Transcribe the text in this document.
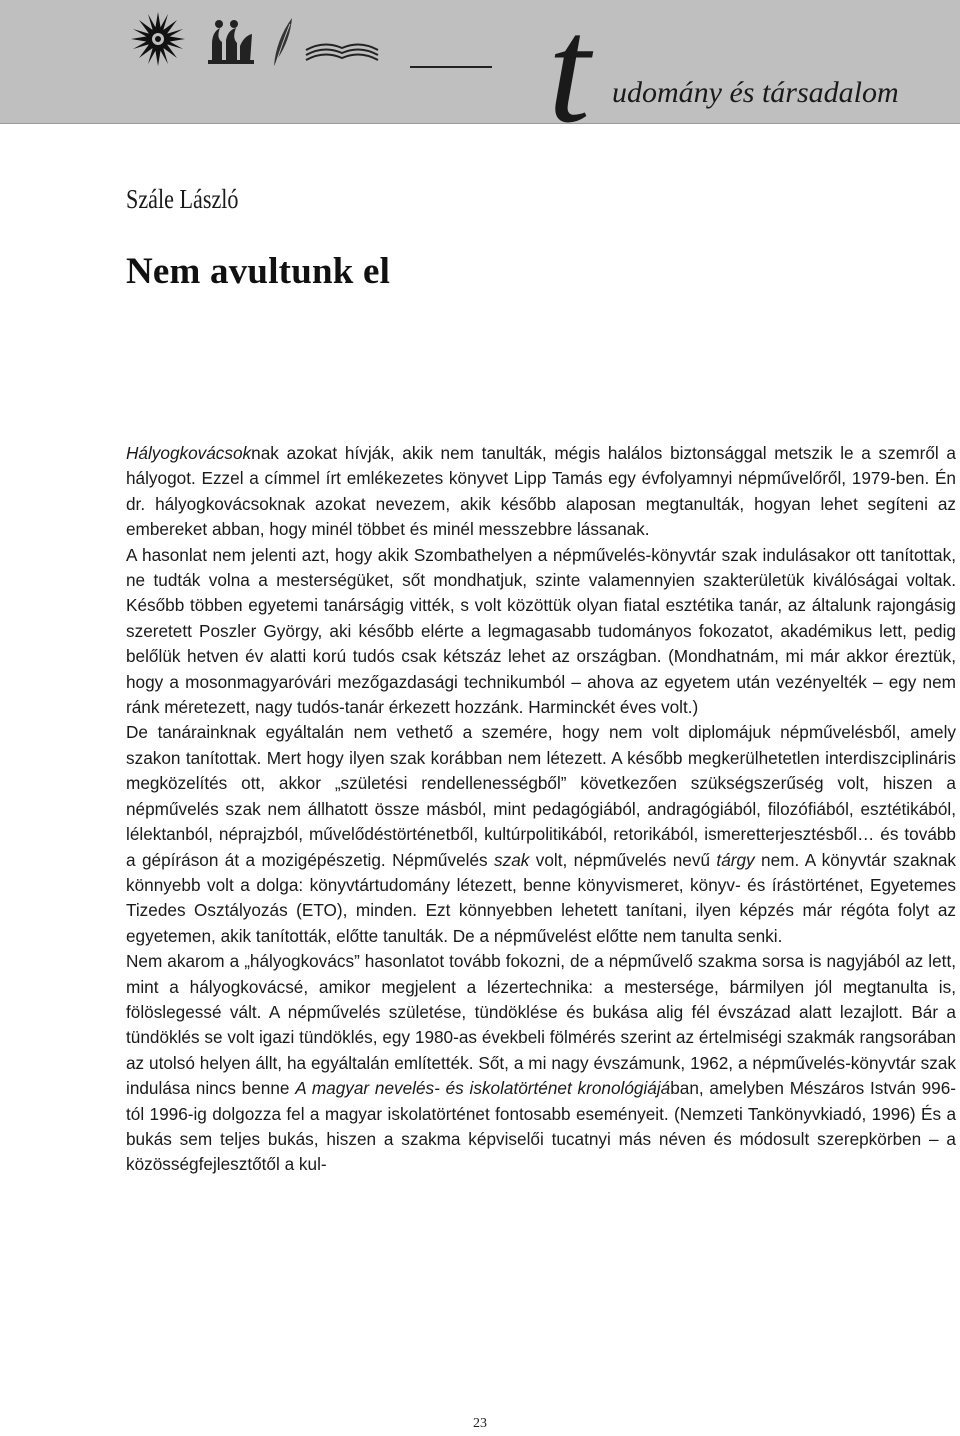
t udomány és társadalom
Szále László
Nem avultunk el

Hályogkovácsoknak azokat hívják, akik nem tanulták, mégis halálos biztonsággal metszik le a szemről a hályogot. Ezzel a címmel írt emlékezetes könyvet Lipp Tamás egy évfolyamnyi népművelőről, 1979-ben. Én dr. hályogkovácsoknak azokat nevezem, akik később alaposan megtanulták, hogyan lehet segíteni az embereket abban, hogy minél többet és minél messzebbre lássanak.

A hasonlat nem jelenti azt, hogy akik Szombathelyen a népművelés-könyvtár szak indulásakor ott tanítottak, ne tudták volna a mesterségüket, sőt mondhatjuk, szinte valamennyien szakterületük kiválóságai voltak. Később többen egyetemi tanárságig vitték, s volt közöttük olyan fiatal esztétika tanár, az általunk rajongásig szeretett Poszler György, aki később elérte a legmagasabb tudományos fokozatot, akadémikus lett, pedig belőlük hetven év alatti korú tudós csak kétszáz lehet az országban. (Mondhatnám, mi már akkor éreztük, hogy a mosonmagyaróvári mezőgazdasági technikumból – ahova az egyetem után vezényelték – egy nem ránk méretezett, nagy tudós-tanár érkezett hozzánk. Harminckét éves volt.)

De tanárainknak egyáltalán nem vethető a szemére, hogy nem volt diplomájuk népművelésből, amely szakon tanítottak. Mert hogy ilyen szak korábban nem létezett. A később megkerülhetetlen interdiszciplináris megközelítés ott, akkor „születési rendellenességből” következően szükségszerűség volt, hiszen a népművelés szak nem állhatott össze másból, mint pedagógiából, andragógiából, filozófiából, esztétikából, lélektanból, néprajzból, művelődéstörténetből, kultúrpolitikából, retorikából, ismeretterjesztésből… és tovább a gépíráson át a mozigépészetig. Népművelés szak volt, népművelés nevű tárgy nem. A könyvtár szaknak könnyebb volt a dolga: könyvtártudomány létezett, benne könyvismeret, könyv- és írástörténet, Egyetemes Tizedes Osztályozás (ETO), minden. Ezt könnyebben lehetett tanítani, ilyen képzés már régóta folyt az egyetemen, akik tanították, előtte tanulták. De a népművelést előtte nem tanulta senki.

Nem akarom a „hályogkovács” hasonlatot tovább fokozni, de a népművelő szakma sorsa is nagyjából az lett, mint a hályogkovácsé, amikor megjelent a lézertechnika: a mestersége, bármilyen jól megtanulta is, fölöslegessé vált. A népművelés születése, tündöklése és bukása alig fél évszázad alatt lezajlott. Bár a tündöklés se volt igazi tündöklés, egy 1980-as évekbeli fölmérés szerint az értelmiségi szakmák rangsorában az utolsó helyen állt, ha egyáltalán említették. Sőt, a mi nagy évszámunk, 1962, a népművelés-könyvtár szak indulása nincs benne A magyar nevelés- és iskolatörténet kronológiájában, amelyben Mészáros István 996-tól 1996-ig dolgozza fel a magyar iskolatörténet fontosabb eseményeit. (Nemzeti Tankönyvkiadó, 1996) És a bukás sem teljes bukás, hiszen a szakma képviselői tucatnyi más néven és módosult szerepkörben – a közösségfejlesztőtől a kul-

23
